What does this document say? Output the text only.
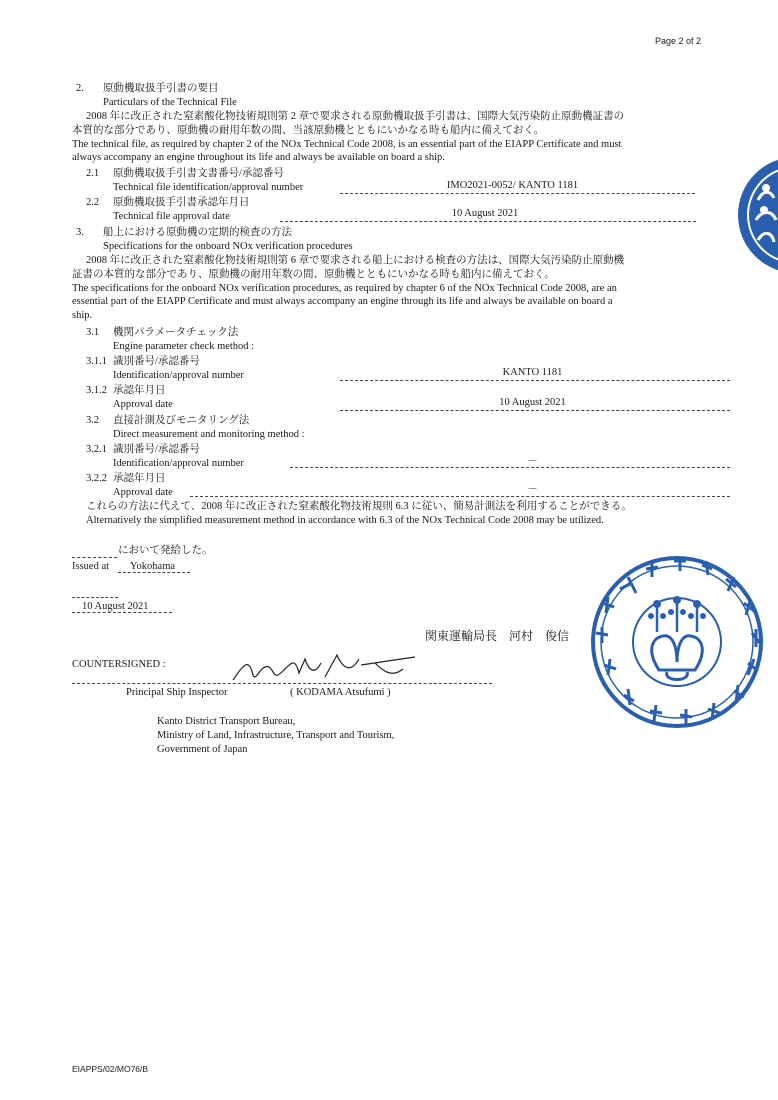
Page 2 of 2
2. 原動機取扱手引書の要目
Particulars of the Technical File
2008 年に改正された窒素酸化物技術規則第 2 章で要求される原動機取扱手引書は、国際大気汚染防止原動機証書の
本質的な部分であり、原動機の耐用年数の間、当該原動機とともにいかなる時も船内に備えておく。
The technical file, as required by chapter 2 of the NOx Technical Code 2008, is an essential part of the EIAPP Certificate and must
always accompany an engine throughout its life and always be available on board a ship.
2.1 原動機取扱手引書文書番号/承認番号
Technical file identification/approval number	IMO2021-0052/ KANTO 1181
2.2 原動機取扱手引書承認年月日
Technical file approval date	10 August 2021
3. 船上における原動機の定期的検査の方法
Specifications for the onboard NOx verification procedures
2008 年に改正された窒素酸化物技術規則第 6 章で要求される船上における検査の方法は、国際大気汚染防止原動機
証書の本質的な部分であり、原動機の耐用年数の間、原動機とともにいかなる時も船内に備えておく。
The specifications for the onboard NOx verification procedures, as required by chapter 6 of the NOx Technical Code 2008, are an
essential part of the EIAPP Certificate and must always accompany an engine through its life and always be available on board a
ship.
3.1 機関パラメータチェック法
Engine parameter check method :
3.1.1 識別番号/承認番号
Identification/approval number	KANTO 1181
3.1.2 承認年月日
Approval date	10 August 2021
3.2 直接計測及びモニタリング法
Direct measurement and monitoring method :
3.2.1 識別番号/承認番号
Identification/approval number	－
3.2.2 承認年月日
Approval date	－
これらの方法に代えて、2008 年に改正された窒素酸化物技術規則 6.3 に従い、簡易計測法を利用することができる。
Alternatively the simplified measurement method in accordance with 6.3 of the NOx Technical Code 2008 may be utilized.
において発給した。
Issued at Yokohama
10 August 2021
関東運輸局長　河村　俊信
COUNTERSIGNED :
Principal Ship Inspector	( KODAMA Atsufumi )
Kanto District Transport Bureau,
Ministry of Land, Infrastructure, Transport and Tourism,
Government of Japan
EIAPPS/02/MO76/B
